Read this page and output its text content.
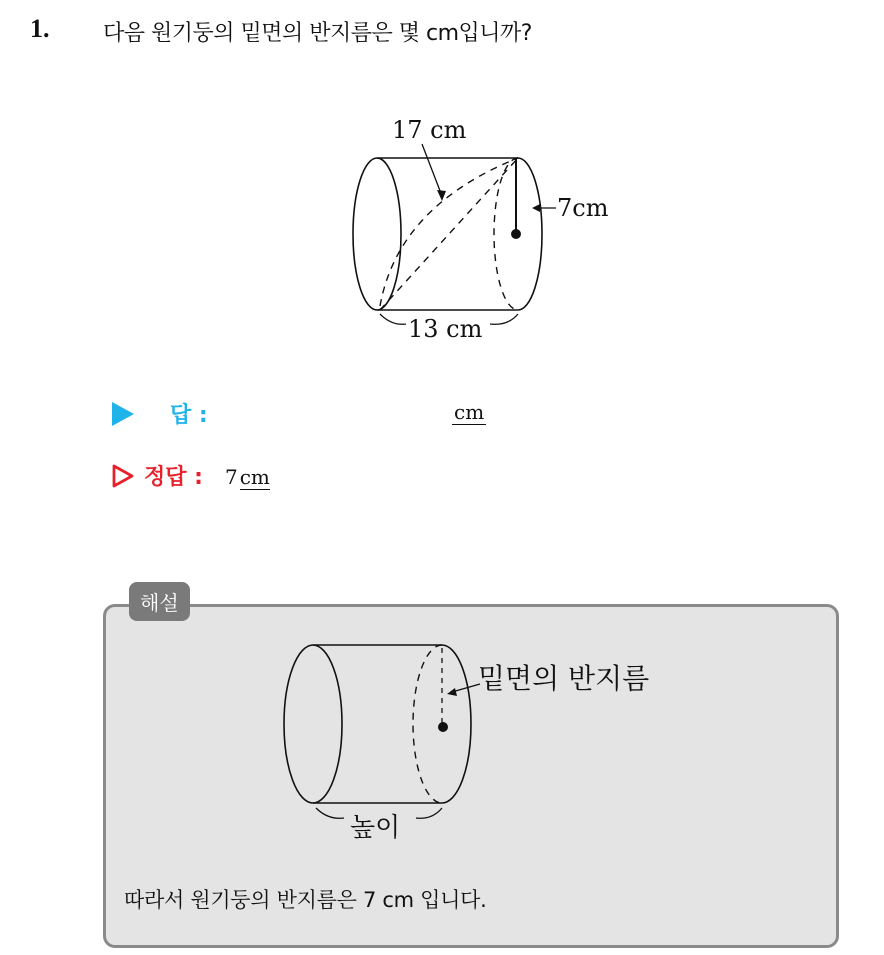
1. 다음 원기둥의 밑면의 반지름은 몇 cm입니까?
17 cm
7cm
13 cm
답 :	cm
정답 : 7 cm
해설
밑면의 반지름
높이
따라서 원기둥의 반지름은 7 cm 입니다.
